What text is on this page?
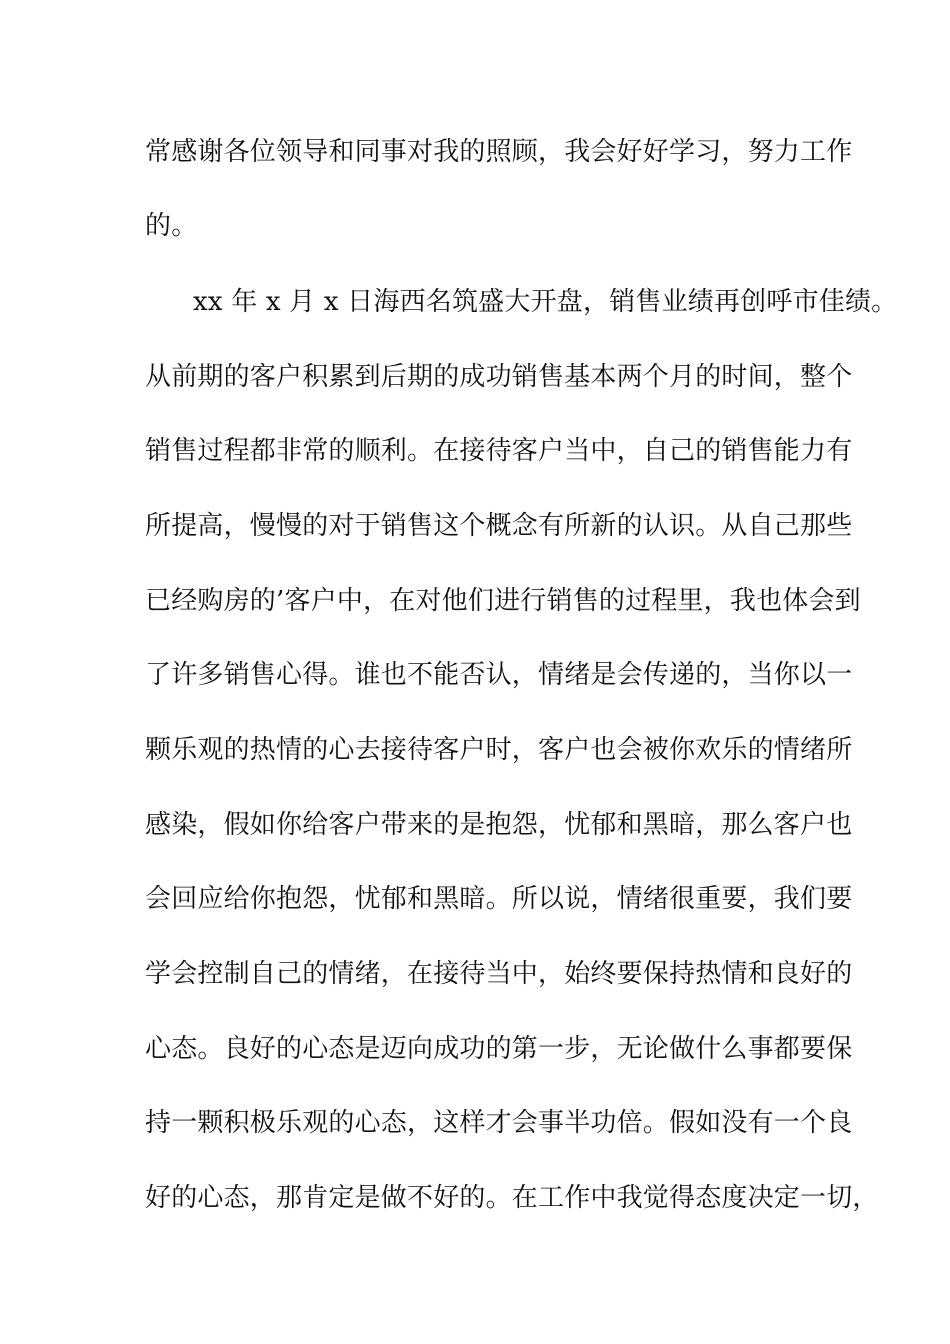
常感谢各位领导和同事对我的照顾，我会好好学习，努力工作
的。
xx 年 x 月 x 日海西名筑盛大开盘，销售业绩再创呼市佳绩。
从前期的客户积累到后期的成功销售基本两个月的时间，整个
销售过程都非常的顺利。在接待客户当中，自己的销售能力有
所提高，慢慢的对于销售这个概念有所新的认识。从自己那些
已经购房的’客户中，在对他们进行销售的过程里，我也体会到
了许多销售心得。谁也不能否认，情绪是会传递的，当你以一
颗乐观的热情的心去接待客户时，客户也会被你欢乐的情绪所
感染，假如你给客户带来的是抱怨，忧郁和黑暗，那么客户也
会回应给你抱怨，忧郁和黑暗。所以说，情绪很重要，我们要
学会控制自己的情绪，在接待当中，始终要保持热情和良好的
心态。良好的心态是迈向成功的第一步，无论做什么事都要保
持一颗积极乐观的心态，这样才会事半功倍。假如没有一个良
好的心态，那肯定是做不好的。在工作中我觉得态度决定一切，
